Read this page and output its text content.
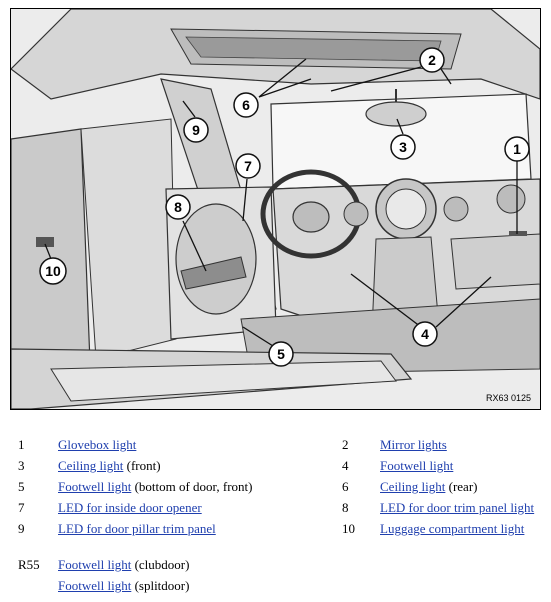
1
2
3
4
5
6
7
8
9
10
RX63 0125
1	Glovebox light	2 Mirror lights
3	Ceiling light (front)	4 Footwell light
5	Footwell light (bottom of door, front)	6 Ceiling light (rear)
7	LED for inside door opener	8 LED for door trim panel light
9	LED for door pillar trim panel	10 Luggage compartment light
R55 Footwell light (clubdoor)
Footwell light (splitdoor)
